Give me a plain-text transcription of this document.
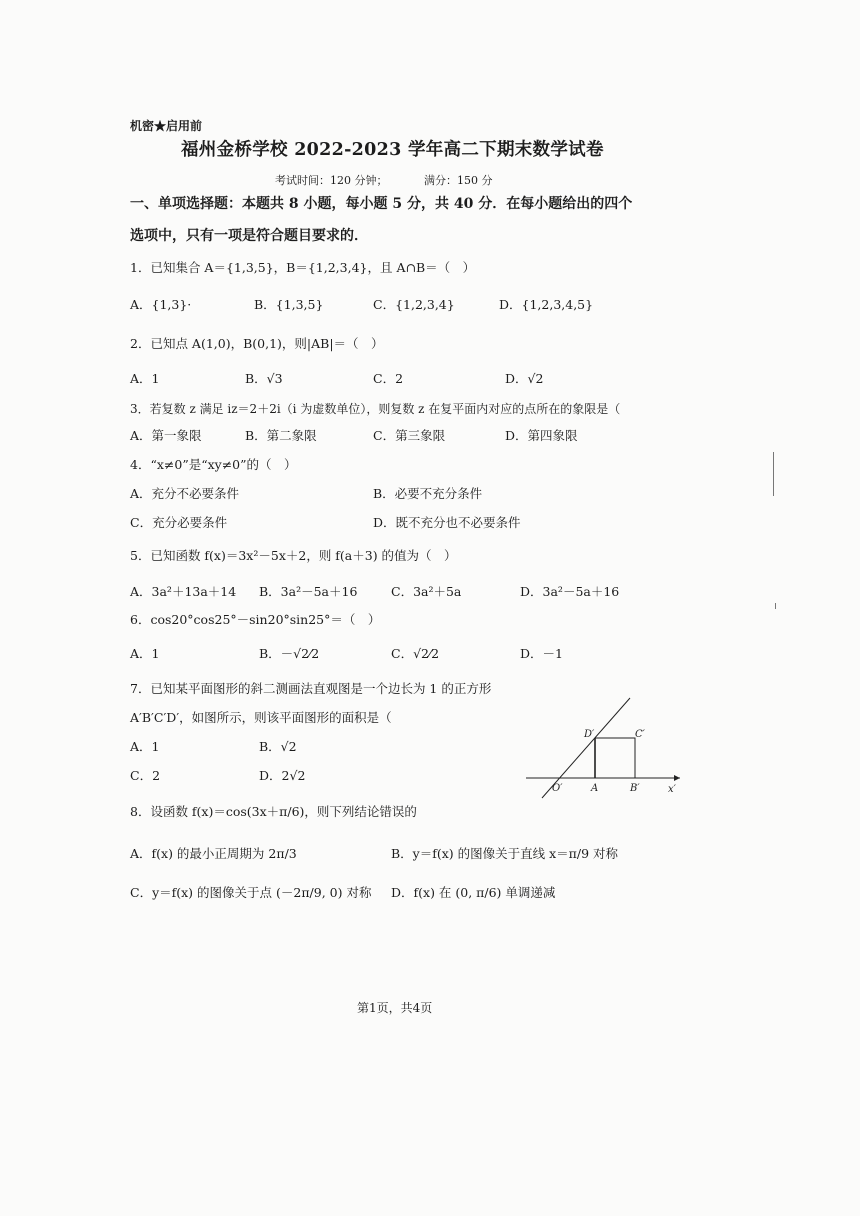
机密★启用前
福州金桥学校 2022-2023 学年高二下期末数学试卷
考试时间：120 分钟；	满分：150 分
一、单项选择题：本题共 8 小题，每小题 5 分，共 40 分．在每小题给出的四个
选项中，只有一项是符合题目要求的．
1．已知集合 A＝{1,3,5}，B＝{1,2,3,4}，且 A∩B＝（　）
A．{1,3}·	B．{1,3,5}	C．{1,2,3,4}	D．{1,2,3,4,5}
2．已知点 A(1,0)，B(0,1)，则|AB|＝（　）
A．1	B．√3	C．2	D．√2
3．若复数 z 满足 iz＝2＋2i（i 为虚数单位），则复数 z 在复平面内对应的点所在的象限是（
A．第一象限	B．第二象限	C．第三象限	D．第四象限
4．“x≠0”是“xy≠0”的（　）
A．充分不必要条件	B．必要不充分条件
C．充分必要条件	D．既不充分也不必要条件
5．已知函数 f(x)＝3x²－5x＋2，则 f(a＋3) 的值为（　）
A．3a²＋13a＋14 B．3a²－5a＋16	C．3a²＋5a	D．3a²－5a＋16
6．cos20°cos25°－sin20°sin25°＝（　）
A．1	B．－√2⁄2	C．√2⁄2	D．－1
7．已知某平面图形的斜二测画法直观图是一个边长为 1 的正方形
A′B′C′D′，如图所示，则该平面图形的面积是（
A．1	B．√2
C．2	D．2√2
D′	C′
O′	A	B′	x′
8．设函数 f(x)＝cos(3x＋π/6)，则下列结论错误的
A．f(x) 的最小正周期为 2π/3	B．y＝f(x) 的图像关于直线 x＝π/9 对称
C．y＝f(x) 的图像关于点 (－2π/9, 0) 对称 D．f(x) 在 (0, π/6) 单调递减
第1页，共4页
